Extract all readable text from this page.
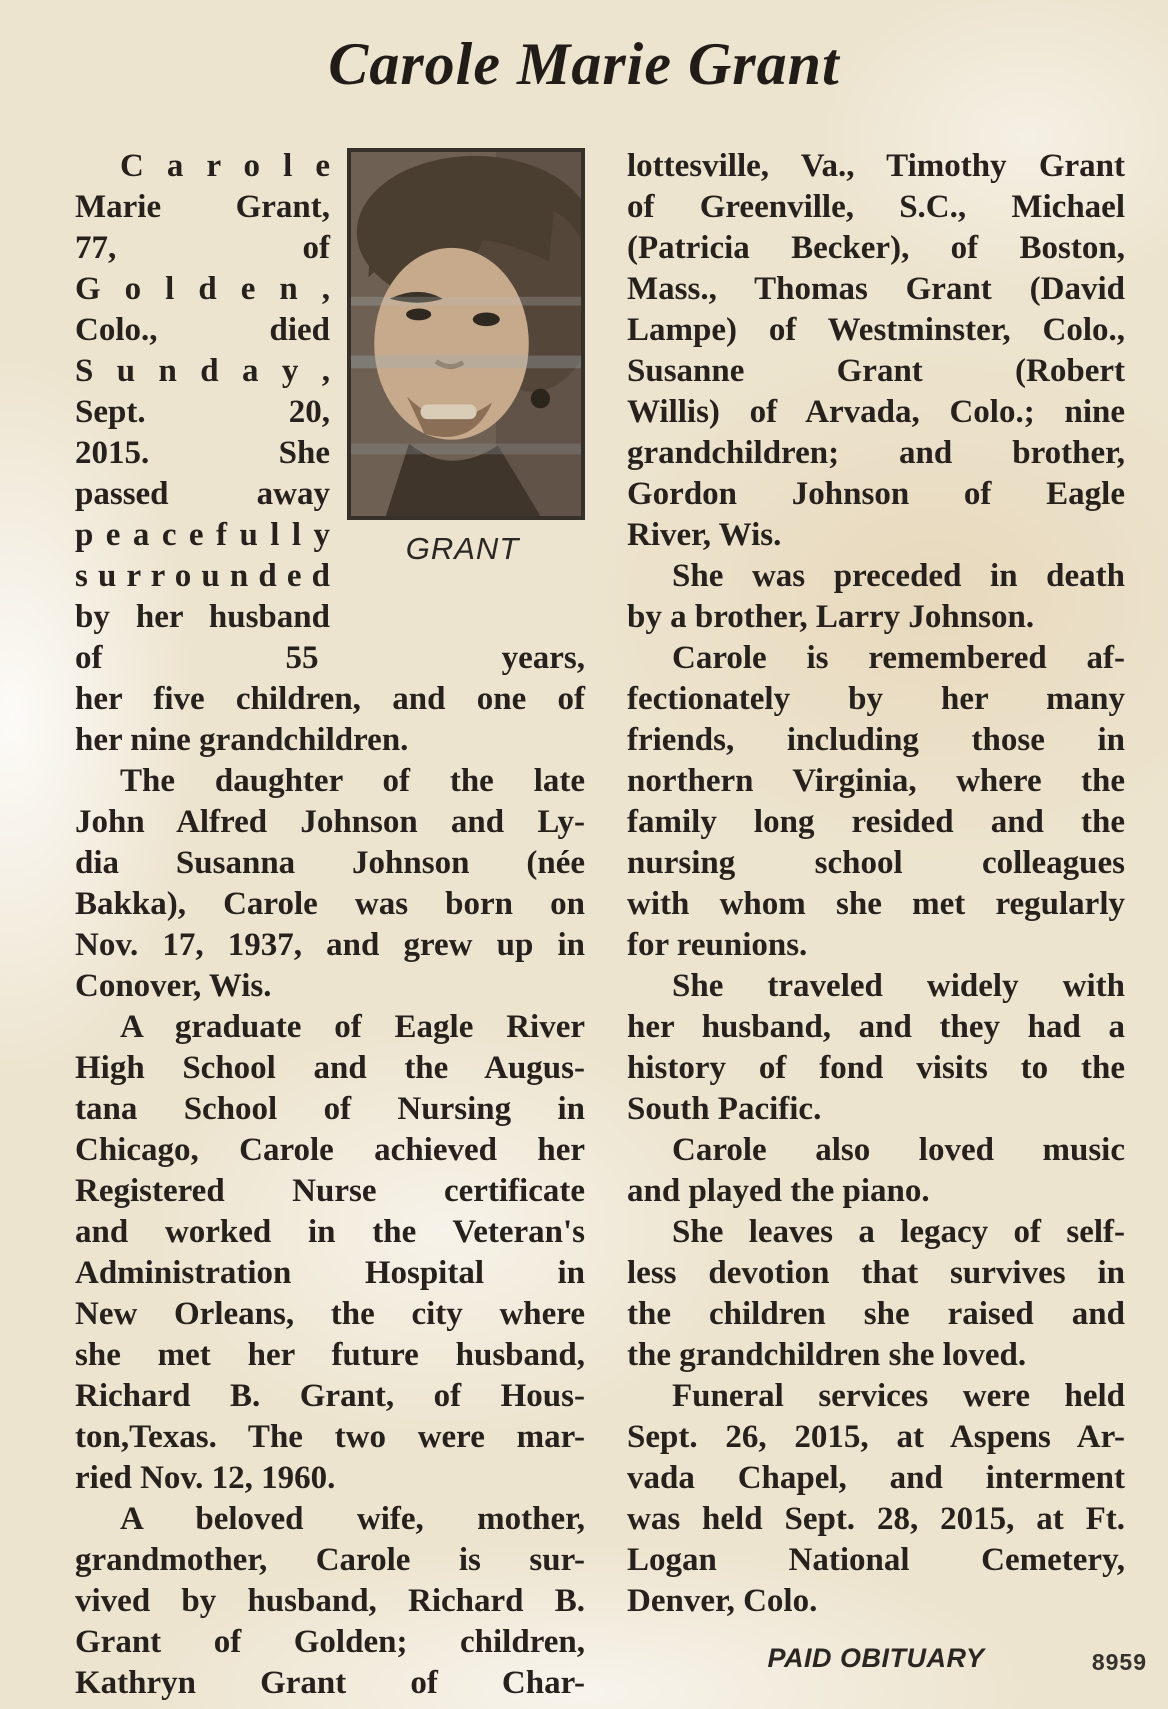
Carole Marie Grant
GRANT
C a r o l e
Marie Grant,
77, of
G o l d e n ,
Colo., died
S u n d a y ,
Sept. 20,
2015. She
passed away
p e a c e f u l l y
s u r r o u n d e d
by her husband of 55 years,
her five children, and one of
her nine grandchildren.
The daughter of the late
John Alfred Johnson and Ly-
dia Susanna Johnson (née
Bakka), Carole was born on
Nov. 17, 1937, and grew up in
Conover, Wis.
A graduate of Eagle River
High School and the Augus-
tana School of Nursing in
Chicago, Carole achieved her
Registered Nurse certificate
and worked in the Veteran's
Administration Hospital in
New Orleans, the city where
she met her future husband,
Richard B. Grant, of Hous-
ton,Texas. The two were mar-
ried Nov. 12, 1960.
A beloved wife, mother,
grandmother, Carole is sur-
vived by husband, Richard B.
Grant of Golden; children,
Kathryn Grant of Char-
lottesville, Va., Timothy Grant
of Greenville, S.C., Michael
(Patricia Becker), of Boston,
Mass., Thomas Grant (David
Lampe) of Westminster, Colo.,
Susanne Grant (Robert
Willis) of Arvada, Colo.; nine
grandchildren; and brother,
Gordon Johnson of Eagle
River, Wis.
She was preceded in death
by a brother, Larry Johnson.
Carole is remembered af-
fectionately by her many
friends, including those in
northern Virginia, where the
family long resided and the
nursing school colleagues
with whom she met regularly
for reunions.
She traveled widely with
her husband, and they had a
history of fond visits to the
South Pacific.
Carole also loved music
and played the piano.
She leaves a legacy of self-
less devotion that survives in
the children she raised and
the grandchildren she loved.
Funeral services were held
Sept. 26, 2015, at Aspens Ar-
vada Chapel, and interment
was held Sept. 28, 2015, at Ft.
Logan National Cemetery,
Denver, Colo.
PAID OBITUARY	8959
